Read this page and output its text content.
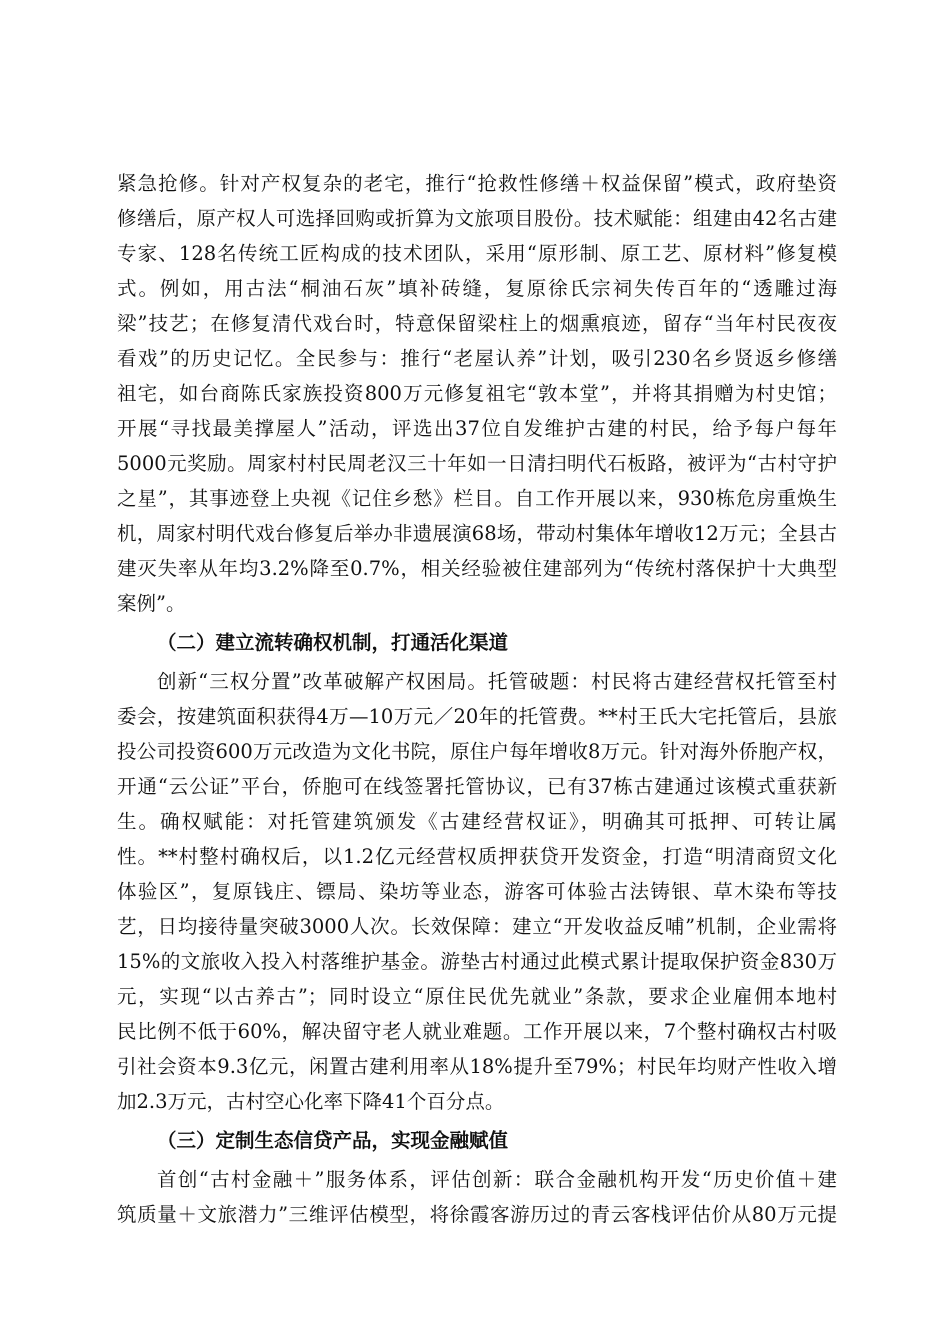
紧急抢修。针对产权复杂的老宅，推行“抢救性修缮＋权益保留”模式，政府垫资
修缮后，原产权人可选择回购或折算为文旅项目股份。技术赋能：组建由42名古建
专家、128名传统工匠构成的技术团队，采用“原形制、原工艺、原材料”修复模
式。例如，用古法“桐油石灰”填补砖缝，复原徐氏宗祠失传百年的“透雕过海
梁”技艺；在修复清代戏台时，特意保留梁柱上的烟熏痕迹，留存“当年村民夜夜
看戏”的历史记忆。全民参与：推行“老屋认养”计划，吸引230名乡贤返乡修缮
祖宅，如台商陈氏家族投资800万元修复祖宅“敦本堂”，并将其捐赠为村史馆；
开展“寻找最美撑屋人”活动，评选出37位自发维护古建的村民，给予每户每年
5000元奖励。周家村村民周老汉三十年如一日清扫明代石板路，被评为“古村守护
之星”，其事迹登上央视《记住乡愁》栏目。自工作开展以来，930栋危房重焕生
机，周家村明代戏台修复后举办非遗展演68场，带动村集体年增收12万元；全县古
建灭失率从年均3.2%降至0.7%，相关经验被住建部列为“传统村落保护十大典型
案例”。
（二）建立流转确权机制，打通活化渠道
创新“三权分置”改革破解产权困局。托管破题：村民将古建经营权托管至村
委会，按建筑面积获得4万—10万元／20年的托管费。**村王氏大宅托管后，县旅
投公司投资600万元改造为文化书院，原住户每年增收8万元。针对海外侨胞产权，
开通“云公证”平台，侨胞可在线签署托管协议，已有37栋古建通过该模式重获新
生。确权赋能：对托管建筑颁发《古建经营权证》，明确其可抵押、可转让属
性。**村整村确权后，以1.2亿元经营权质押获贷开发资金，打造“明清商贸文化
体验区”，复原钱庄、镖局、染坊等业态，游客可体验古法铸银、草木染布等技
艺，日均接待量突破3000人次。长效保障：建立“开发收益反哺”机制，企业需将
15%的文旅收入投入村落维护基金。游垫古村通过此模式累计提取保护资金830万
元，实现“以古养古”；同时设立“原住民优先就业”条款，要求企业雇佣本地村
民比例不低于60%，解决留守老人就业难题。工作开展以来，7个整村确权古村吸
引社会资本9.3亿元，闲置古建利用率从18%提升至79%；村民年均财产性收入增
加2.3万元，古村空心化率下降41个百分点。
（三）定制生态信贷产品，实现金融赋值
首创“古村金融＋”服务体系，评估创新：联合金融机构开发“历史价值＋建
筑质量＋文旅潜力”三维评估模型，将徐霞客游历过的青云客栈评估价从80万元提
